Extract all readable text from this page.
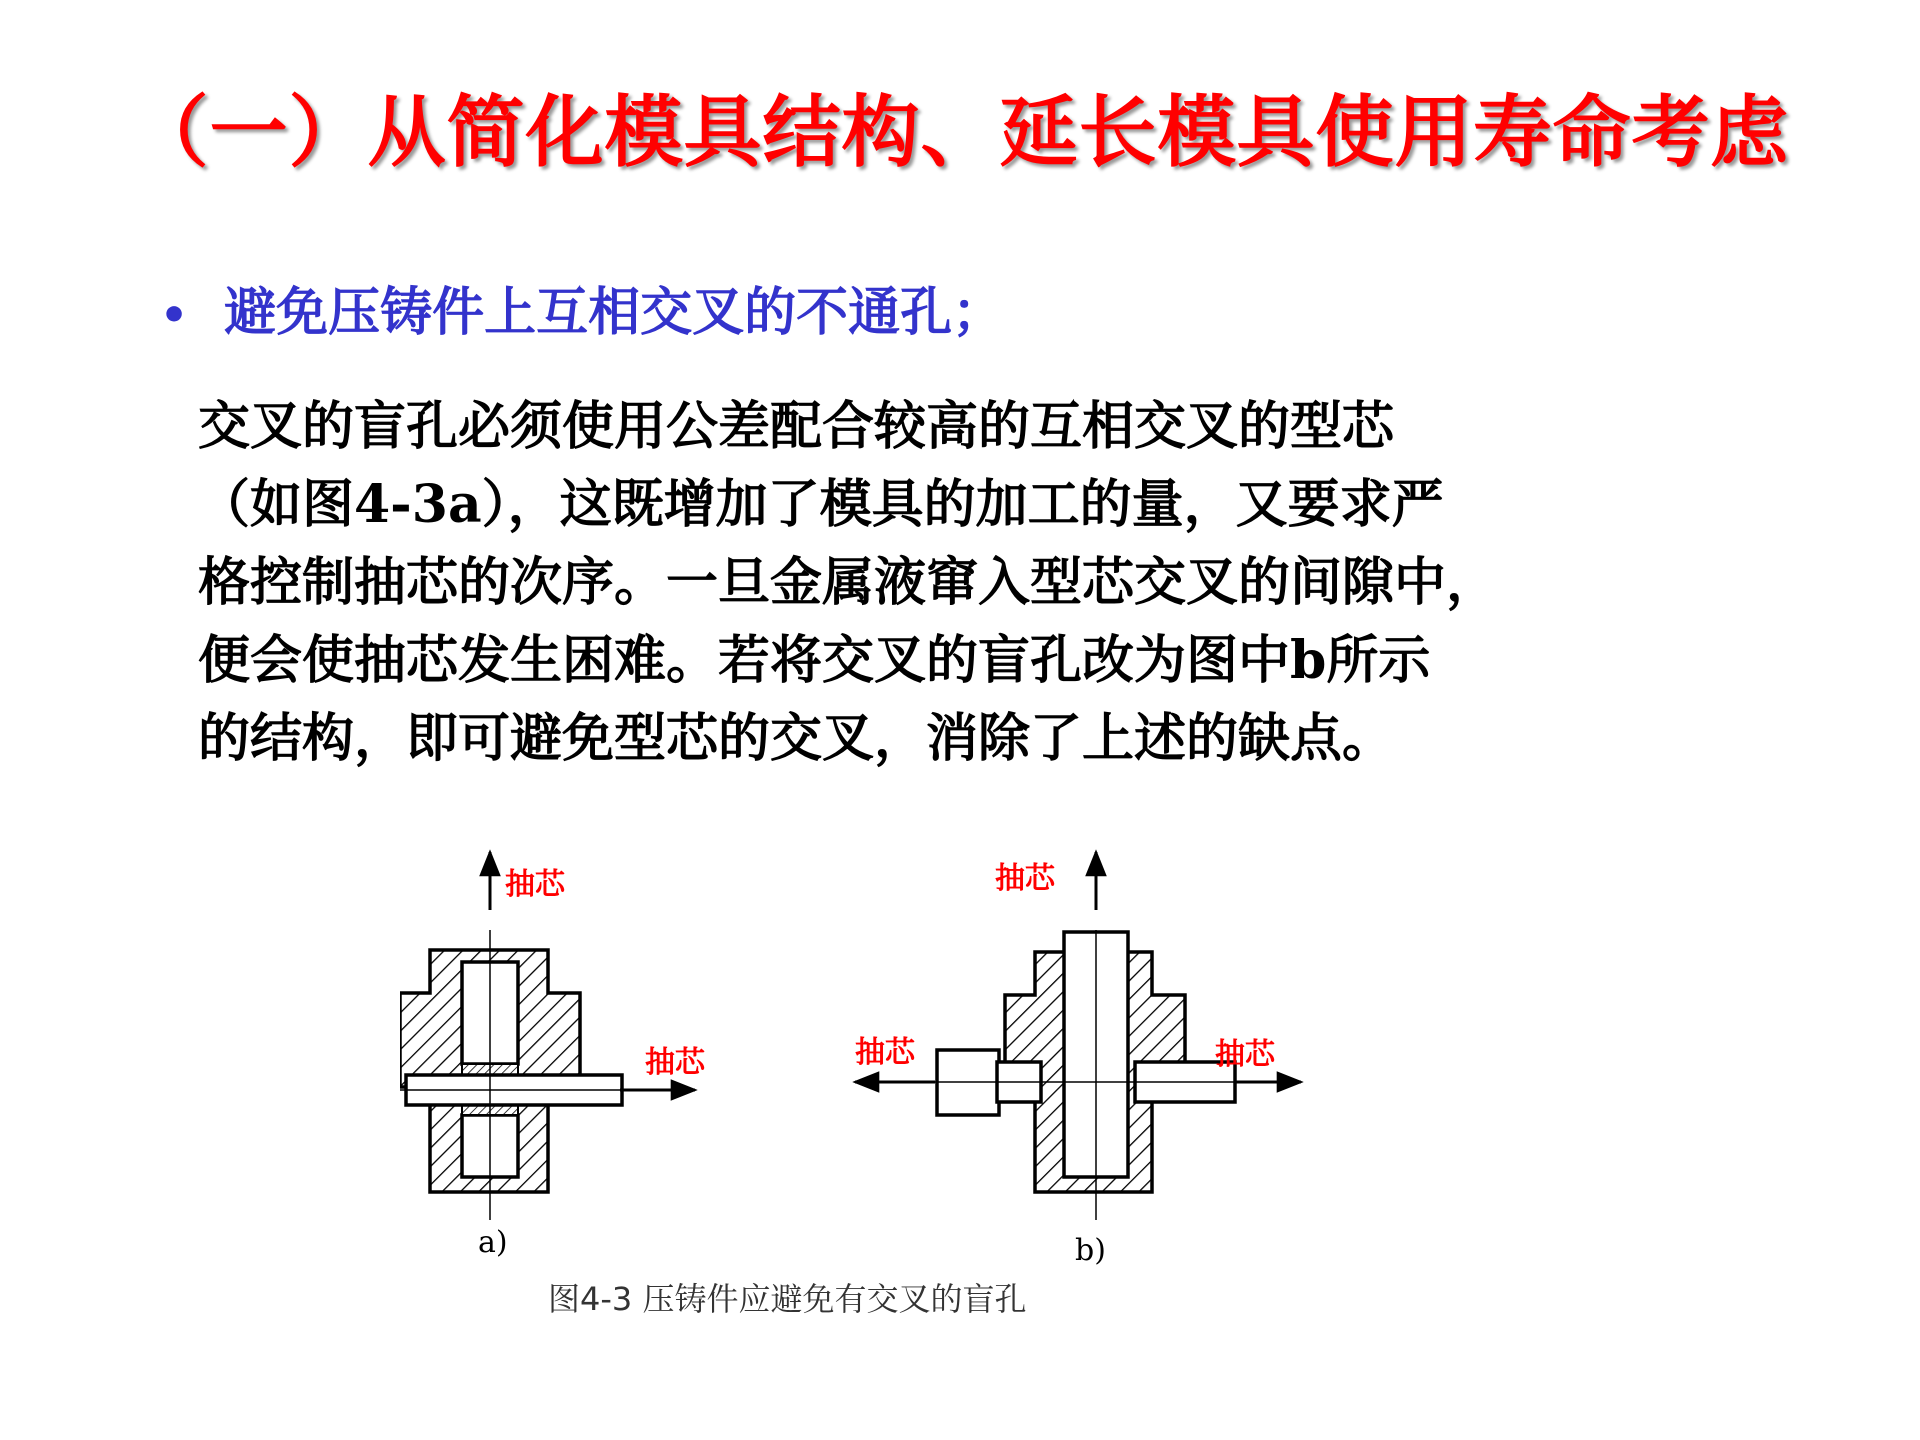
（一）从简化模具结构、延长模具使用寿命考虑
• 避免压铸件上互相交叉的不通孔；
交叉的盲孔必须使用公差配合较高的互相交叉的型芯
（如图4-3a），这既增加了模具的加工的量，又要求严
格控制抽芯的次序。一旦金属液窜入型芯交叉的间隙中，
便会使抽芯发生困难。若将交叉的盲孔改为图中b所示
的结构，即可避免型芯的交叉，消除了上述的缺点。
抽芯
抽芯
a)
抽芯
抽芯	抽芯
b)
图4-3 压铸件应避免有交叉的盲孔
